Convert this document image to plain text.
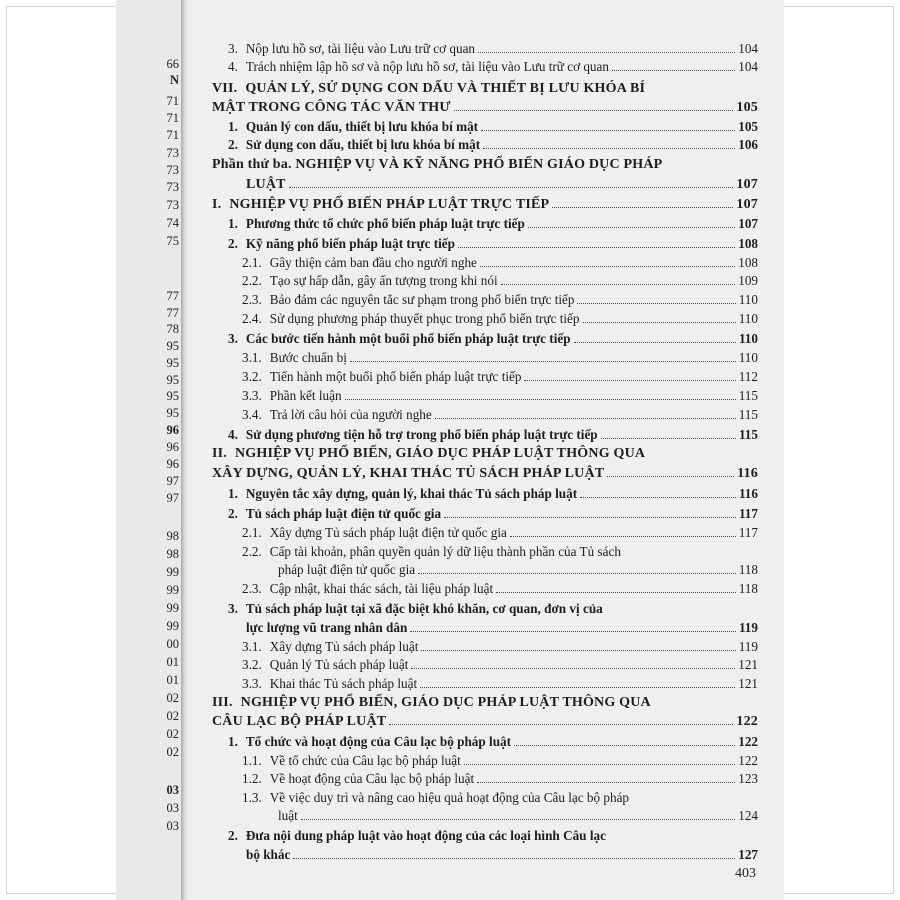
66
N
71
71
71
73
73
73
73
74
75
77
77
78
95
95
95
95
95
96
96
96
97
97
98
98
99
99
99
99
00
01
01
02
02
02
02
03
03
03
3. Nộp lưu hồ sơ, tài liệu vào Lưu trữ cơ quan	104
4. Trách nhiệm lập hồ sơ và nộp lưu hồ sơ, tài liệu vào Lưu trữ cơ quan	104
VII. QUẢN LÝ, SỬ DỤNG CON DẤU VÀ THIẾT BỊ LƯU KHÓA BÍ
MẬT TRONG CÔNG TÁC VĂN THƯ	105
1. Quản lý con dấu, thiết bị lưu khóa bí mật	105
2. Sử dụng con dấu, thiết bị lưu khóa bí mật	106
Phần thứ ba. NGHIỆP VỤ VÀ KỸ NĂNG PHỔ BIẾN GIÁO DỤC PHÁP
LUẬT	107
I. NGHIỆP VỤ PHỔ BIẾN PHÁP LUẬT TRỰC TIẾP	107
1. Phương thức tổ chức phổ biến pháp luật trực tiếp	107
2. Kỹ năng phổ biến pháp luật trực tiếp	108
2.1. Gây thiện cảm ban đầu cho người nghe	108
2.2. Tạo sự hấp dẫn, gây ấn tượng trong khi nói	109
2.3. Bảo đảm các nguyên tắc sư phạm trong phổ biến trực tiếp	110
2.4. Sử dụng phương pháp thuyết phục trong phổ biến trực tiếp	110
3. Các bước tiến hành một buổi phổ biến pháp luật trực tiếp	110
3.1. Bước chuẩn bị	110
3.2. Tiến hành một buổi phổ biến pháp luật trực tiếp	112
3.3. Phần kết luận	115
3.4. Trả lời câu hỏi của người nghe	115
4. Sử dụng phương tiện hỗ trợ trong phổ biến pháp luật trực tiếp	115
II. NGHIỆP VỤ PHỔ BIẾN, GIÁO DỤC PHÁP LUẬT THÔNG QUA
XÂY DỰNG, QUẢN LÝ, KHAI THÁC TỦ SÁCH PHÁP LUẬT	116
1. Nguyên tắc xây dựng, quản lý, khai thác Tủ sách pháp luật	116
2. Tủ sách pháp luật điện tử quốc gia	117
2.1. Xây dựng Tủ sách pháp luật điện tử quốc gia	117
2.2. Cấp tài khoản, phân quyền quản lý dữ liệu thành phần của Tủ sách
pháp luật điện tử quốc gia	118
2.3. Cập nhật, khai thác sách, tài liệu pháp luật	118
3. Tủ sách pháp luật tại xã đặc biệt khó khăn, cơ quan, đơn vị của
lực lượng vũ trang nhân dân	119
3.1. Xây dựng Tủ sách pháp luật	119
3.2. Quản lý Tủ sách pháp luật	121
3.3. Khai thác Tủ sách pháp luật	121
III. NGHIỆP VỤ PHỔ BIẾN, GIÁO DỤC PHÁP LUẬT THÔNG QUA
CÂU LẠC BỘ PHÁP LUẬT	122
1. Tổ chức và hoạt động của Câu lạc bộ pháp luật	122
1.1. Về tổ chức của Câu lạc bộ pháp luật	122
1.2. Về hoạt động của Câu lạc bộ pháp luật	123
1.3. Về việc duy trì và nâng cao hiệu quả hoạt động của Câu lạc bộ pháp
luật	124
2. Đưa nội dung pháp luật vào hoạt động của các loại hình Câu lạc
bộ khác	127
403
